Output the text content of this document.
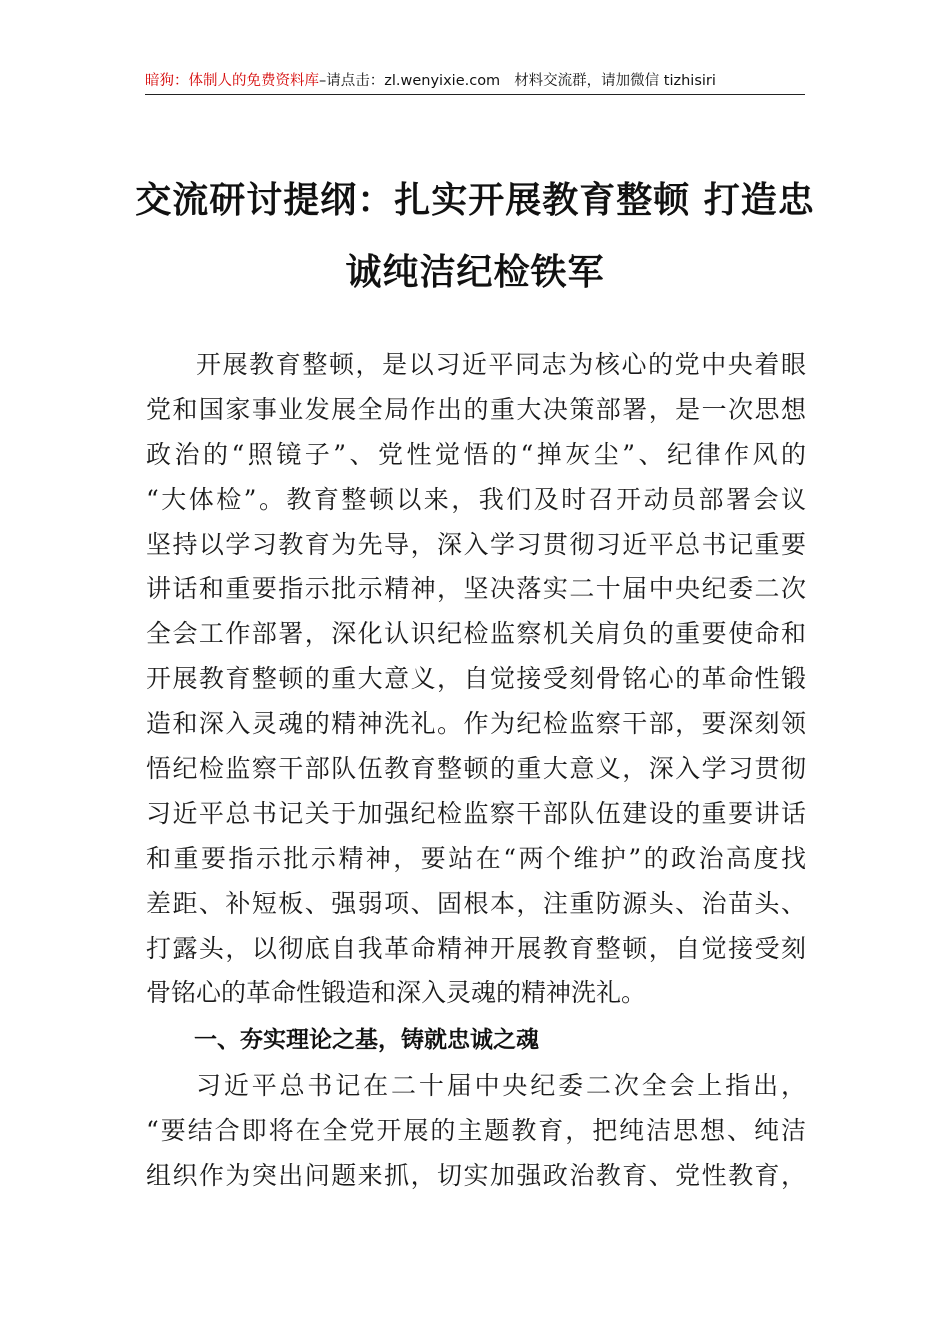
暗狗：体制人的免费资料库–请点击：zl.wenyixie.com 材料交流群，请加微信 tizhisiri
交流研讨提纲：扎实开展教育整顿 打造忠
诚纯洁纪检铁军
开展教育整顿，是以习近平同志为核心的党中央着眼
党和国家事业发展全局作出的重大决策部署，是一次思想
政治的“照镜子”、党性觉悟的“掸灰尘”、纪律作风的
“大体检”。教育整顿以来，我们及时召开动员部署会议
坚持以学习教育为先导，深入学习贯彻习近平总书记重要
讲话和重要指示批示精神，坚决落实二十届中央纪委二次
全会工作部署，深化认识纪检监察机关肩负的重要使命和
开展教育整顿的重大意义，自觉接受刻骨铭心的革命性锻
造和深入灵魂的精神洗礼。作为纪检监察干部，要深刻领
悟纪检监察干部队伍教育整顿的重大意义，深入学习贯彻
习近平总书记关于加强纪检监察干部队伍建设的重要讲话
和重要指示批示精神，要站在“两个维护”的政治高度找
差距、补短板、强弱项、固根本，注重防源头、治苗头、
打露头，以彻底自我革命精神开展教育整顿，自觉接受刻
骨铭心的革命性锻造和深入灵魂的精神洗礼。
一、夯实理论之基，铸就忠诚之魂
习近平总书记在二十届中央纪委二次全会上指出，
“要结合即将在全党开展的主题教育，把纯洁思想、纯洁
组织作为突出问题来抓，切实加强政治教育、党性教育，
